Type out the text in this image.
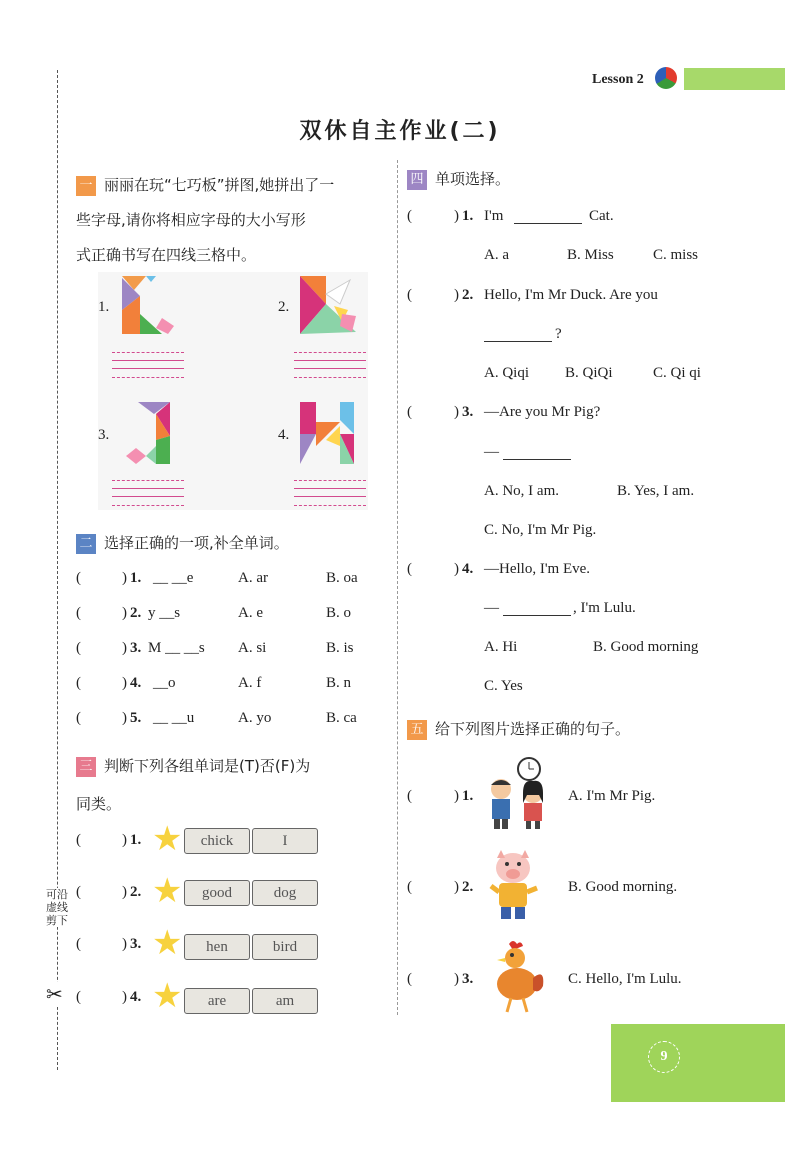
可沿虚线剪下
✂
Lesson 2
双休自主作业(二)
一 丽丽在玩“七巧板”拼图,她拼出了一
些字母,请你将相应字母的大小写形
式正确书写在四线三格中。
1.	2.
3.	4.
二 选择正确的一项,补全单词。
(	) 1. __ __e	A. ar	B. oa
(	) 2. y __s	A. e	B. o
(	) 3. M __ __s A. si	B. is
(	) 4. __o	A. f	B. n
(	) 5. __ __u	A. yo	B. ca
三 判断下列各组单词是(T)否(F)为
同类。
(	) 1. ★	chick	I
(	) 2. ★	good	dog
(	) 3. ★	hen	bird
(	) 4. ★	are	am
四 单项选择。
(	) 1. I'm	Cat.
A. a	B. Miss	C. miss
(	) 2. Hello, I'm Mr Duck. Are you
?
A. Qiqi B. QiQi	C. Qi qi
(	) 3. —Are you Mr Pig?
—
A. No, I am.	B. Yes, I am.
C. No, I'm Mr Pig.
(	) 4. —Hello, I'm Eve.
—	, I'm Lulu.
A. Hi	B. Good morning
C. Yes
五 给下列图片选择正确的句子。
(	) 1.	A. I'm Mr Pig.
(	) 2.	B. Good morning.
(	) 3.	C. Hello, I'm Lulu.
9
